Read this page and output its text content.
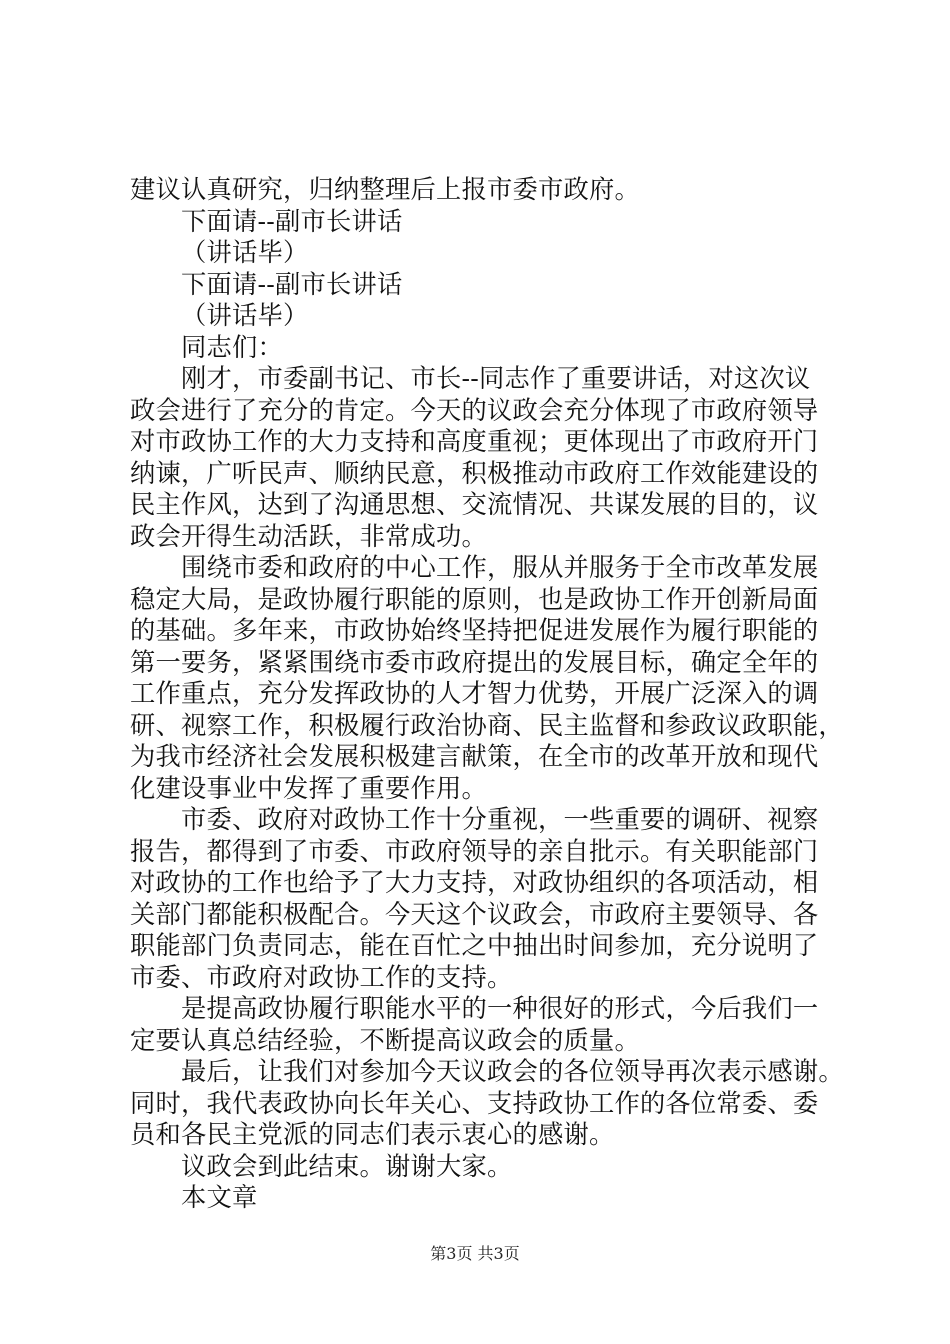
建议认真研究，归纳整理后上报市委市政府。
下面请--副市长讲话
（讲话毕）
下面请--副市长讲话
（讲话毕）
同志们：
刚才，市委副书记、市长--同志作了重要讲话，对这次议
政会进行了充分的肯定。今天的议政会充分体现了市政府领导
对市政协工作的大力支持和高度重视；更体现出了市政府开门
纳谏，广听民声、顺纳民意，积极推动市政府工作效能建设的
民主作风，达到了沟通思想、交流情况、共谋发展的目的，议
政会开得生动活跃，非常成功。
围绕市委和政府的中心工作，服从并服务于全市改革发展
稳定大局，是政协履行职能的原则，也是政协工作开创新局面
的基础。多年来，市政协始终坚持把促进发展作为履行职能的
第一要务，紧紧围绕市委市政府提出的发展目标，确定全年的
工作重点，充分发挥政协的人才智力优势，开展广泛深入的调
研、视察工作，积极履行政治协商、民主监督和参政议政职能，
为我市经济社会发展积极建言献策，在全市的改革开放和现代
化建设事业中发挥了重要作用。
市委、政府对政协工作十分重视，一些重要的调研、视察
报告，都得到了市委、市政府领导的亲自批示。有关职能部门
对政协的工作也给予了大力支持，对政协组织的各项活动，相
关部门都能积极配合。今天这个议政会，市政府主要领导、各
职能部门负责同志，能在百忙之中抽出时间参加，充分说明了
市委、市政府对政协工作的支持。
是提高政协履行职能水平的一种很好的形式，今后我们一
定要认真总结经验，不断提高议政会的质量。
最后，让我们对参加今天议政会的各位领导再次表示感谢。
同时，我代表政协向长年关心、支持政协工作的各位常委、委
员和各民主党派的同志们表示衷心的感谢。
议政会到此结束。谢谢大家。
本文章
第3页 共3页
